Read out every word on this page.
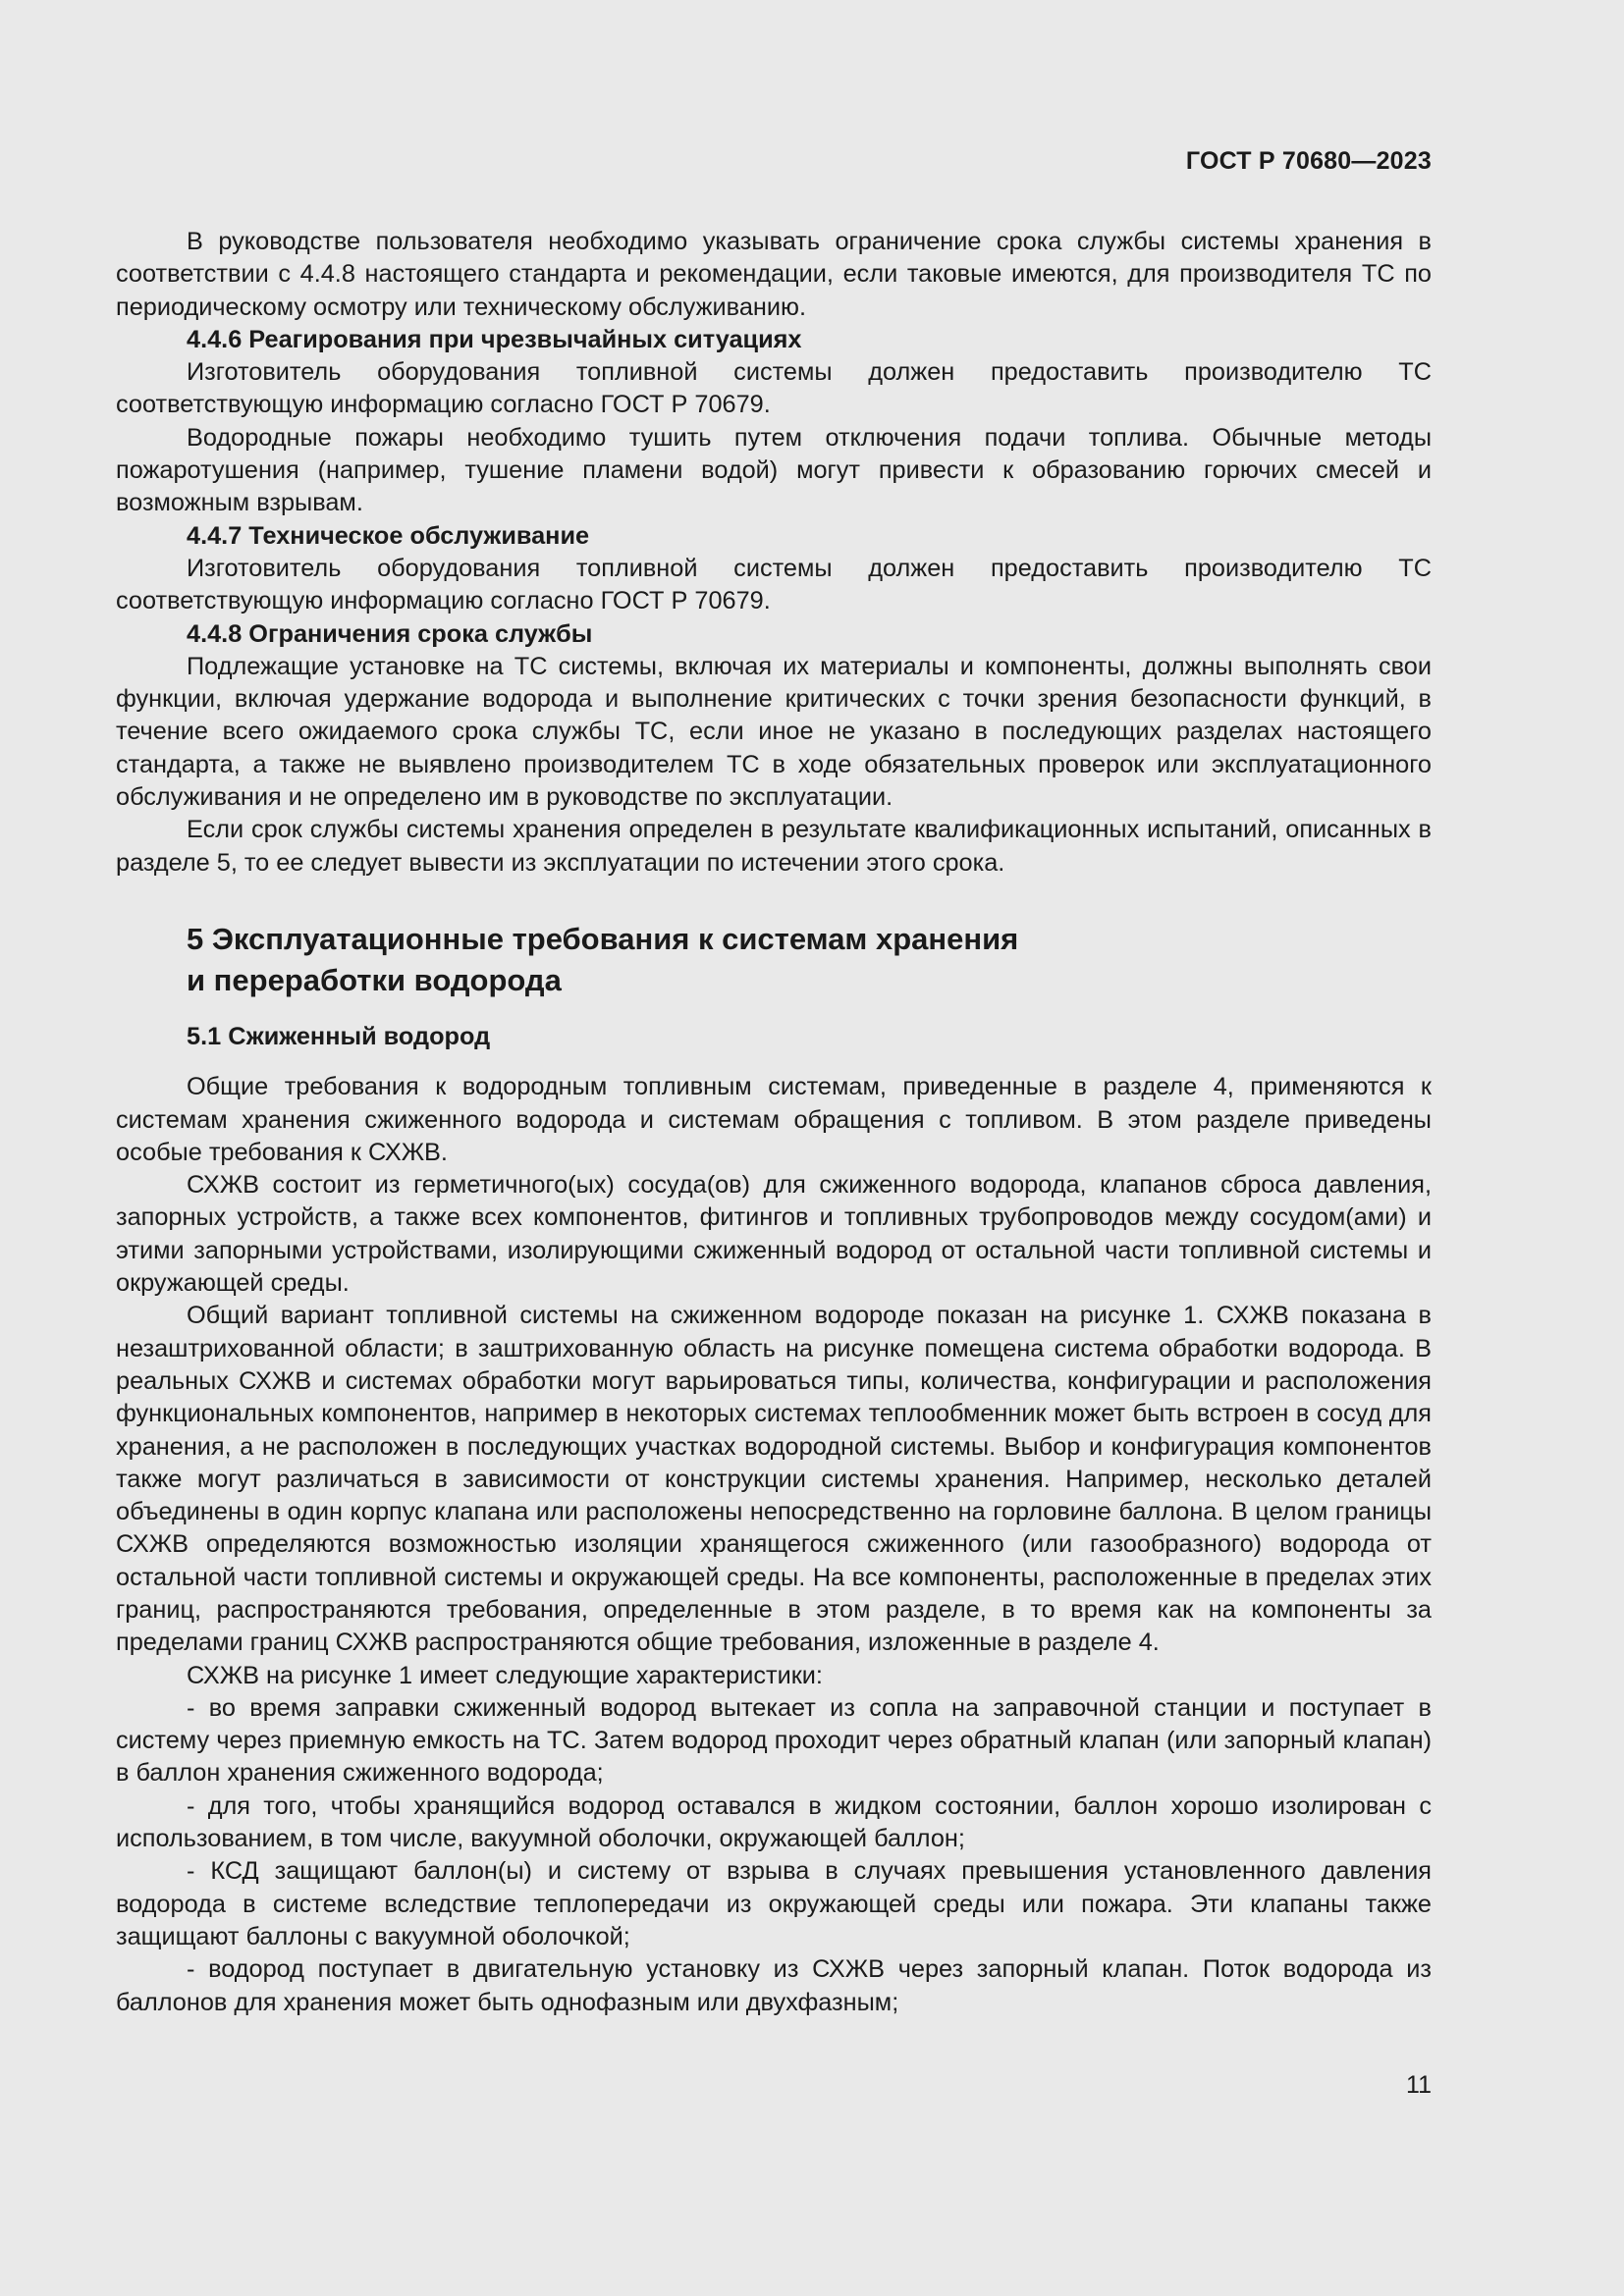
ГОСТ Р 70680—2023

В руководстве пользователя необходимо указывать ограничение срока службы системы хранения в соответствии с 4.4.8 настоящего стандарта и рекомендации, если таковые имеются, для производителя ТС по периодическому осмотру или техническому обслуживанию.

4.4.6 Реагирования при чрезвычайных ситуациях

Изготовитель оборудования топливной системы должен предоставить производителю ТС соответствующую информацию согласно ГОСТ Р 70679.

Водородные пожары необходимо тушить путем отключения подачи топлива. Обычные методы пожаротушения (например, тушение пламени водой) могут привести к образованию горючих смесей и возможным взрывам.

4.4.7 Техническое обслуживание

Изготовитель оборудования топливной системы должен предоставить производителю ТС соответствующую информацию согласно ГОСТ Р 70679.

4.4.8 Ограничения срока службы

Подлежащие установке на ТС системы, включая их материалы и компоненты, должны выполнять свои функции, включая удержание водорода и выполнение критических с точки зрения безопасности функций, в течение всего ожидаемого срока службы ТС, если иное не указано в последующих разделах настоящего стандарта, а также не выявлено производителем ТС в ходе обязательных проверок или эксплуатационного обслуживания и не определено им в руководстве по эксплуатации.

Если срок службы системы хранения определен в результате квалификационных испытаний, описанных в разделе 5, то ее следует вывести из эксплуатации по истечении этого срока.

5 Эксплуатационные требования к системам хранения
и переработки водорода
5.1 Сжиженный водород

Общие требования к водородным топливным системам, приведенные в разделе 4, применяются к системам хранения сжиженного водорода и системам обращения с топливом. В этом разделе приведены особые требования к СХЖВ.

СХЖВ состоит из герметичного(ых) сосуда(ов) для сжиженного водорода, клапанов сброса давления, запорных устройств, а также всех компонентов, фитингов и топливных трубопроводов между сосудом(ами) и этими запорными устройствами, изолирующими сжиженный водород от остальной части топливной системы и окружающей среды.

Общий вариант топливной системы на сжиженном водороде показан на рисунке 1. СХЖВ показана в незаштрихованной области; в заштрихованную область на рисунке помещена система обработки водорода. В реальных СХЖВ и системах обработки могут варьироваться типы, количества, конфигурации и расположения функциональных компонентов, например в некоторых системах теплообменник может быть встроен в сосуд для хранения, а не расположен в последующих участках водородной системы. Выбор и конфигурация компонентов также могут различаться в зависимости от конструкции системы хранения. Например, несколько деталей объединены в один корпус клапана или расположены непосредственно на горловине баллона. В целом границы СХЖВ определяются возможностью изоляции хранящегося сжиженного (или газообразного) водорода от остальной части топливной системы и окружающей среды. На все компоненты, расположенные в пределах этих границ, распространяются требования, определенные в этом разделе, в то время как на компоненты за пределами границ СХЖВ распространяются общие требования, изложенные в разделе 4.

СХЖВ на рисунке 1 имеет следующие характеристики:

- во время заправки сжиженный водород вытекает из сопла на заправочной станции и поступает в систему через приемную емкость на ТС. Затем водород проходит через обратный клапан (или запорный клапан) в баллон хранения сжиженного водорода;

- для того, чтобы хранящийся водород оставался в жидком состоянии, баллон хорошо изолирован с использованием, в том числе, вакуумной оболочки, окружающей баллон;

- КСД защищают баллон(ы) и систему от взрыва в случаях превышения установленного давления водорода в системе вследствие теплопередачи из окружающей среды или пожара. Эти клапаны также защищают баллоны с вакуумной оболочкой;

- водород поступает в двигательную установку из СХЖВ через запорный клапан. Поток водорода из баллонов для хранения может быть однофазным или двухфазным;

11
